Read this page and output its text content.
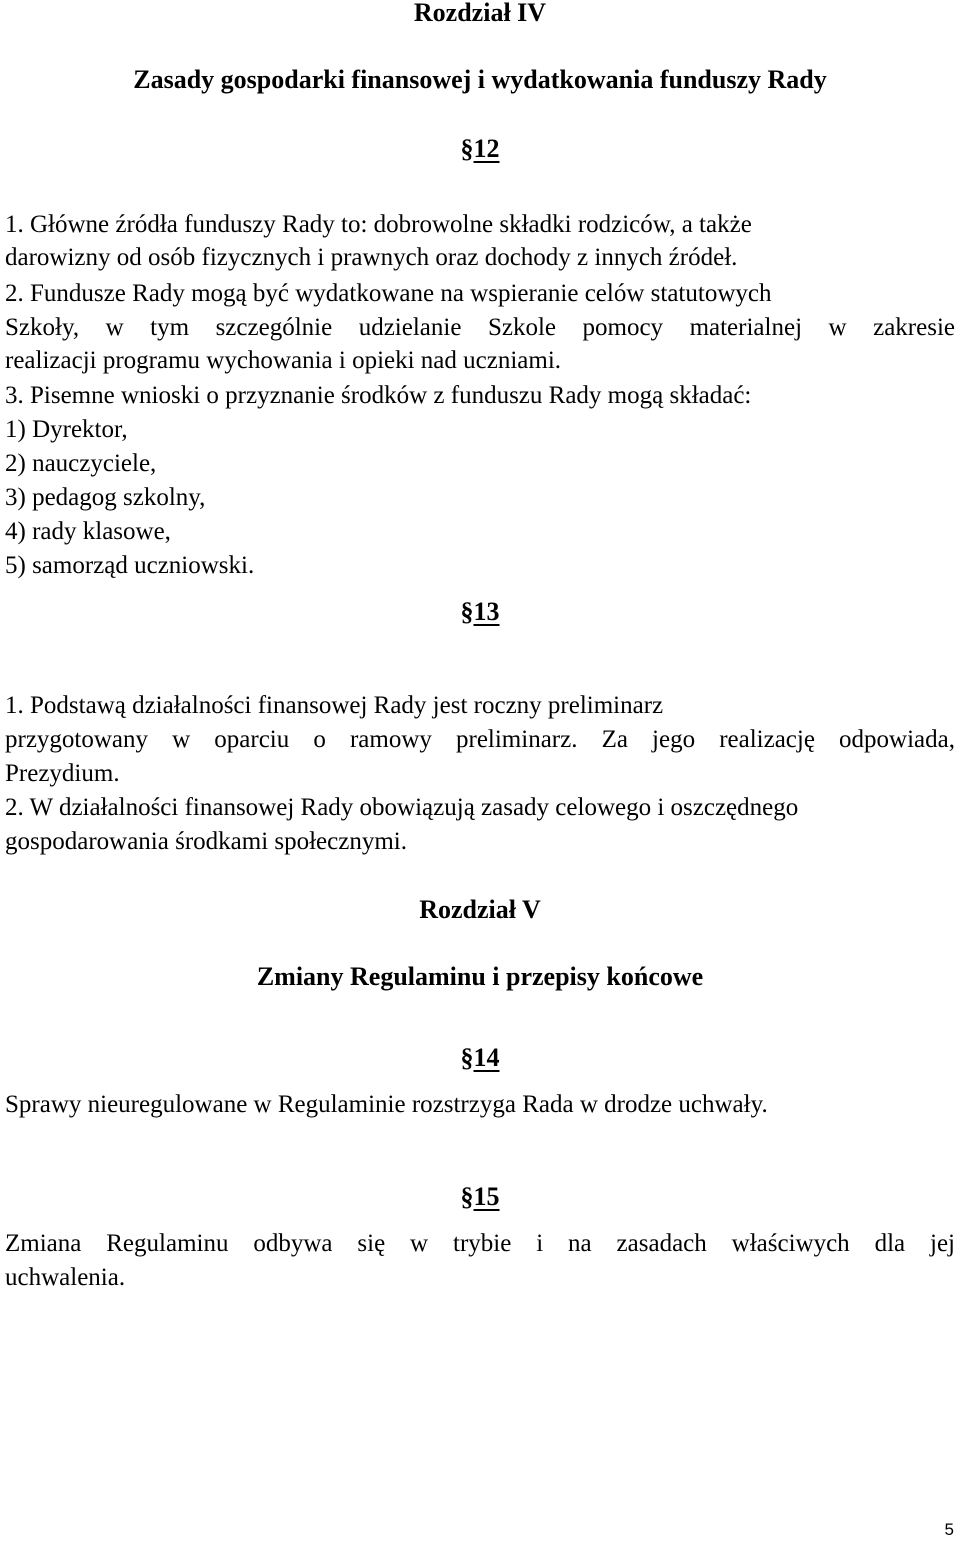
Rozdział IV
Zasady gospodarki finansowej i wydatkowania funduszy Rady
§12
1. Główne źródła funduszy Rady to: dobrowolne składki rodziców, a także
darowizny od osób fizycznych i prawnych oraz dochody z innych źródeł.
2. Fundusze Rady mogą być wydatkowane na wspieranie celów statutowych
Szkoły, w tym szczególnie udzielanie Szkole pomocy materialnej w zakresie
realizacji programu wychowania i opieki nad uczniami.
3. Pisemne wnioski o przyznanie środków z funduszu Rady mogą składać:
1) Dyrektor,
2) nauczyciele,
3) pedagog szkolny,
4) rady klasowe,
5) samorząd uczniowski.
§13
1. Podstawą działalności finansowej Rady jest roczny preliminarz
przygotowany w oparciu o ramowy preliminarz. Za jego realizację odpowiada,
Prezydium.
2. W działalności finansowej Rady obowiązują zasady celowego i oszczędnego
gospodarowania środkami społecznymi.
Rozdział V
Zmiany Regulaminu i przepisy końcowe
§14
Sprawy nieuregulowane w Regulaminie rozstrzyga Rada w drodze uchwały.
§15
Zmiana Regulaminu odbywa się w trybie i na zasadach właściwych dla jej
uchwalenia.
5
